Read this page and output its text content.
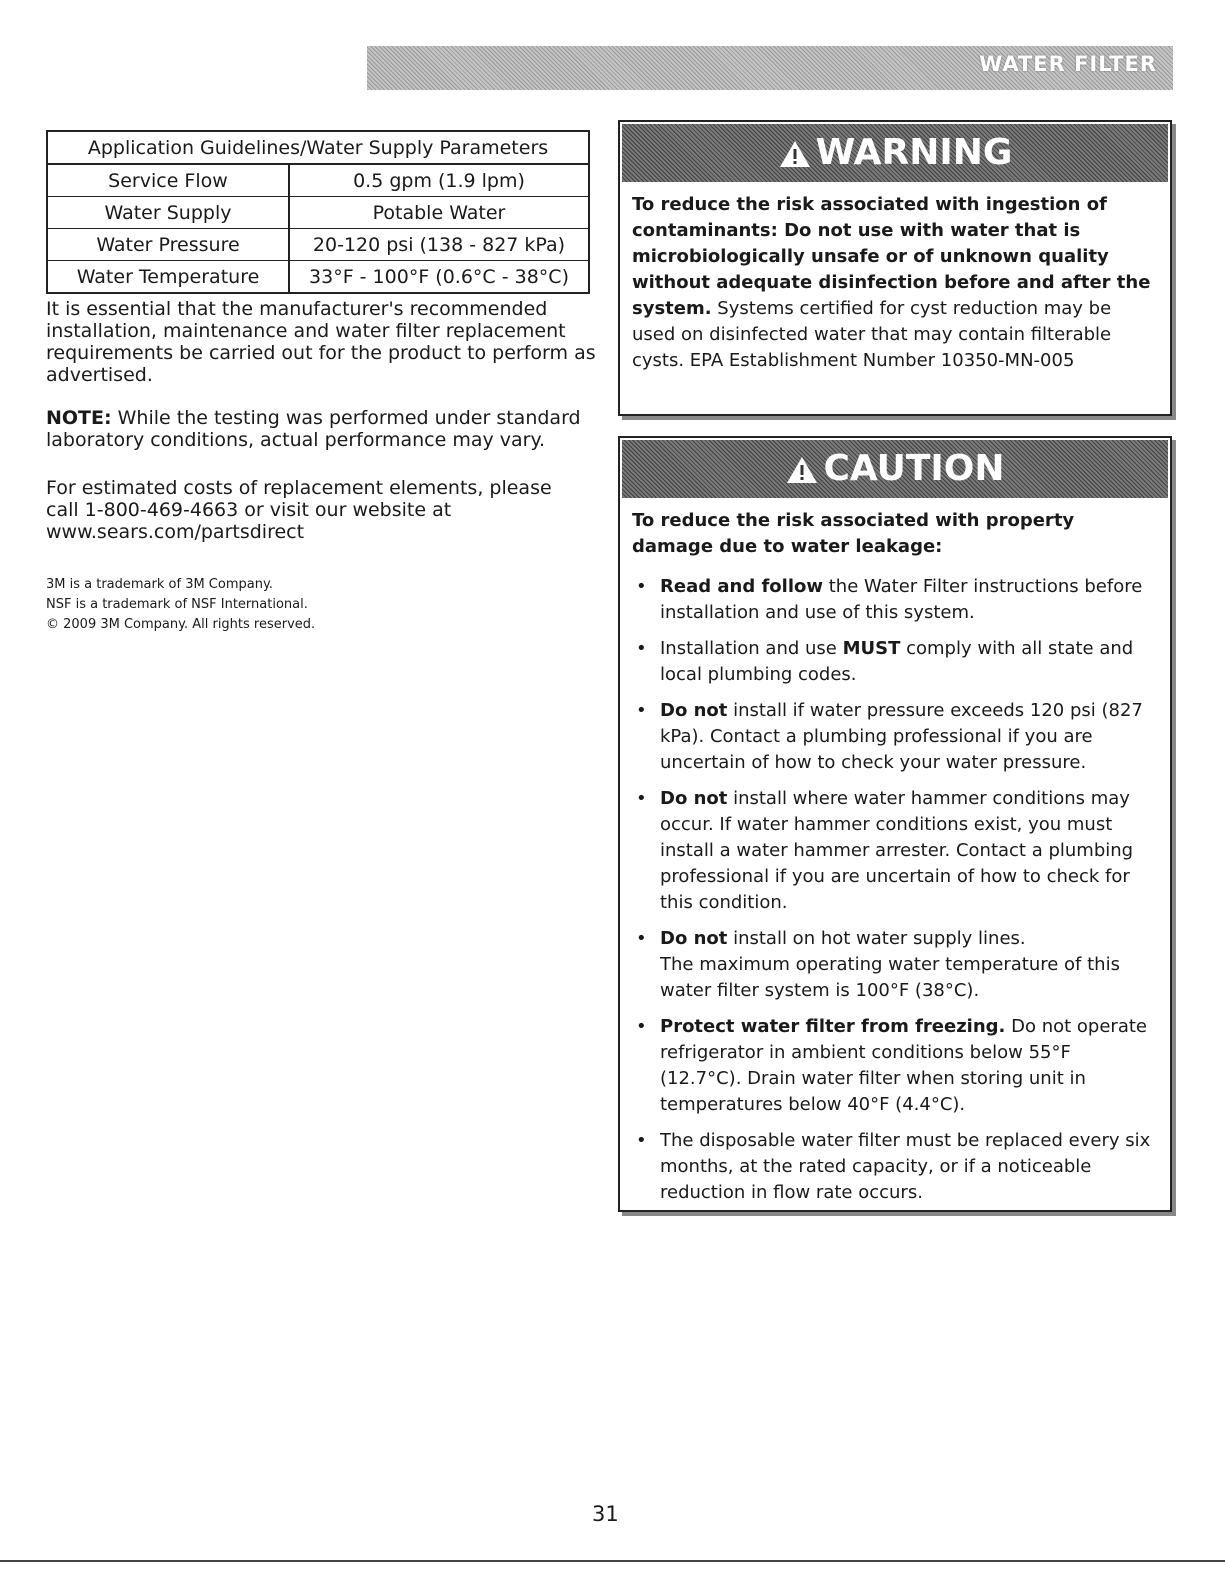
WATER FILTER
Application Guidelines/Water Supply Parameters	
Service Flow	0.5 gpm (1.9 lpm)
Water Supply	Potable Water
Water Pressure	20-120 psi (138 - 827 kPa)
Water Temperature	33°F - 100°F (0.6°C - 38°C)

It is essential that the manufacturer's recommended installation, maintenance and water filter replacement requirements be carried out for the product to perform as advertised.

NOTE: While the testing was performed under standard laboratory conditions, actual performance may vary.

For estimated costs of replacement elements, please call 1-800-469-4663 or visit our website at www.sears.com/partsdirect

3M is a trademark of 3M Company.
NSF is a trademark of NSF International.
© 2009 3M Company. All rights reserved.
WARNING
To reduce the risk associated with ingestion of contaminants: Do not use with water that is microbiologically unsafe or of unknown quality without adequate disinfection before and after the system. Systems certified for cyst reduction may be used on disinfected water that may contain filterable cysts. EPA Establishment Number 10350-MN-005
CAUTION
To reduce the risk associated with property damage due to water leakage:
• Read and follow the Water Filter instructions before installation and use of this system.
• Installation and use MUST comply with all state and local plumbing codes.
• Do not install if water pressure exceeds 120 psi (827 kPa). Contact a plumbing professional if you are uncertain of how to check your water pressure.
• Do not install where water hammer conditions may occur. If water hammer conditions exist, you must install a water hammer arrester. Contact a plumbing professional if you are uncertain of how to check for this condition.
• Do not install on hot water supply lines.
The maximum operating water temperature of this water filter system is 100°F (38°C).
• Protect water filter from freezing. Do not operate refrigerator in ambient conditions below 55°F (12.7°C). Drain water filter when storing unit in temperatures below 40°F (4.4°C).
• The disposable water filter must be replaced every six months, at the rated capacity, or if a noticeable reduction in flow rate occurs.
31
